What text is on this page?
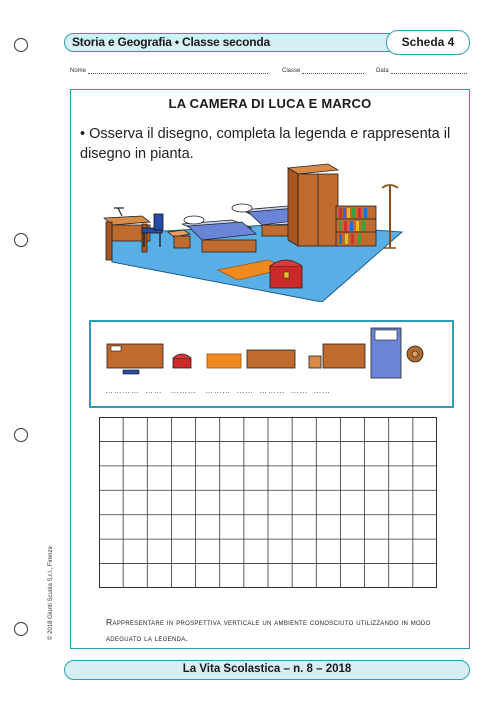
Storia e Geografia • Classe seconda	Scheda 4
Nome	Classe	Data
LA CAMERA DI LUCA E MARCO
• Osserva il disegno, completa la legenda e rappresenta il disegno in pianta.
…………  ……   ………   ………  ……  ………  ……  ……
Rappresentare in prospettiva verticale un ambiente conosciuto utilizzando in modo adeguato la legenda.
La Vita Scolastica – n. 8 – 2018
© 2018 Giunti Scuola S.r.l., Firenze
